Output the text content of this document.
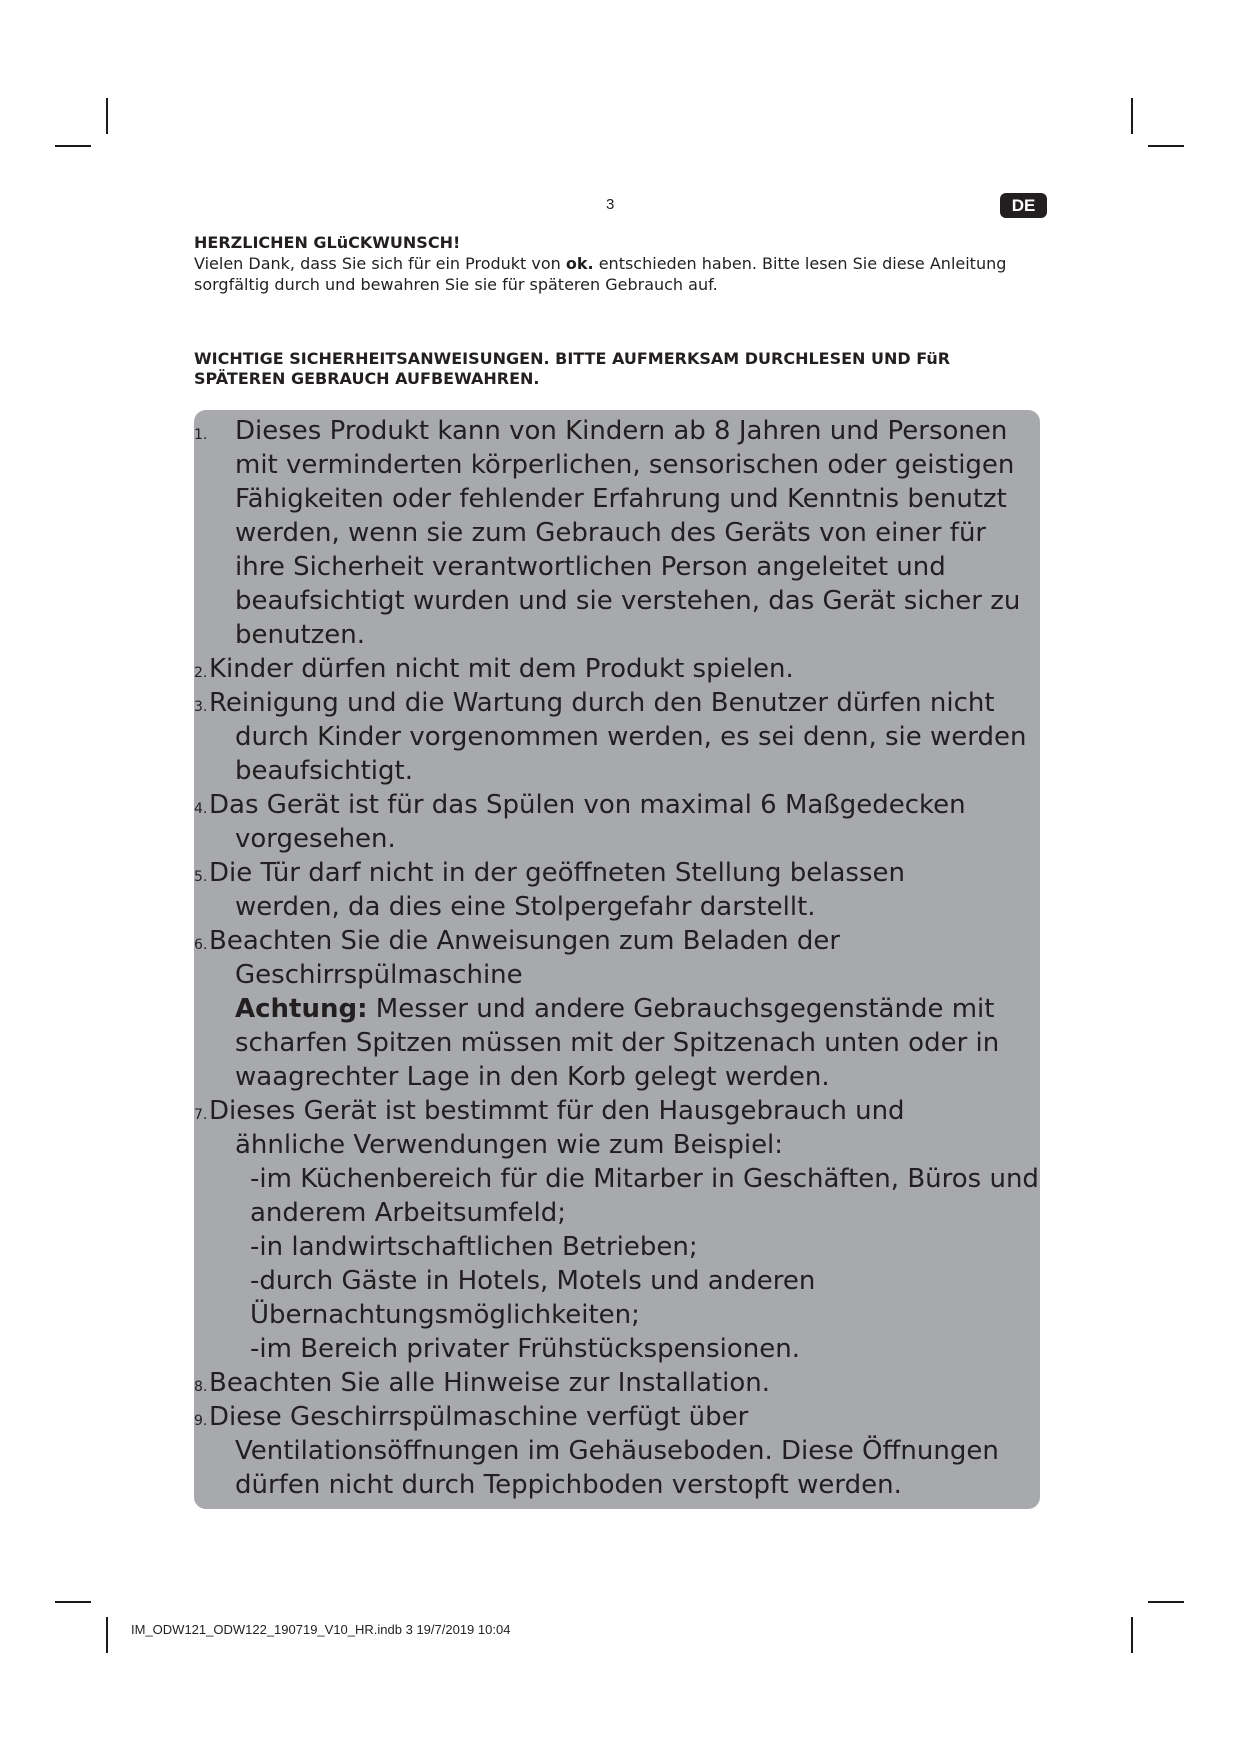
3	DE
HERZLICHEN GLüCKWUNSCH!
Vielen Dank, dass Sie sich für ein Produkt von ok. entschieden haben. Bitte lesen Sie diese Anleitung
sorgfältig durch und bewahren Sie sie für späteren Gebrauch auf.
WICHTIGE SICHERHEITSANWEISUNGEN. BITTE AUFMERKSAM DURCHLESEN UND FüR
SPÄTEREN GEBRAUCH AUFBEWAHREN.
1. Dieses Produkt kann von Kindern ab 8 Jahren und Personen
mit verminderten körperlichen, sensorischen oder geistigen
Fähigkeiten oder fehlender Erfahrung und Kenntnis benutzt
werden, wenn sie zum Gebrauch des Geräts von einer für
ihre Sicherheit verantwortlichen Person angeleitet und
beaufsichtigt wurden und sie verstehen, das Gerät sicher zu
benutzen.
2.Kinder dürfen nicht mit dem Produkt spielen.
3.Reinigung und die Wartung durch den Benutzer dürfen nicht
durch Kinder vorgenommen werden, es sei denn, sie werden
beaufsichtigt.
4.Das Gerät ist für das Spülen von maximal 6 Maßgedecken
vorgesehen.
5.Die Tür darf nicht in der geöffneten Stellung belassen
werden, da dies eine Stolpergefahr darstellt.
6.Beachten Sie die Anweisungen zum Beladen der
Geschirrspülmaschine
Achtung: Messer und andere Gebrauchsgegenstände mit
scharfen Spitzen müssen mit der Spitzenach unten oder in
waagrechter Lage in den Korb gelegt werden.
7.Dieses Gerät ist bestimmt für den Hausgebrauch und
ähnliche Verwendungen wie zum Beispiel:
-im Küchenbereich für die Mitarber in Geschäften, Büros und
anderem Arbeitsumfeld;
-in landwirtschaftlichen Betrieben;
-durch Gäste in Hotels, Motels und anderen
Übernachtungsmöglichkeiten;
-im Bereich privater Frühstückspensionen.
8.Beachten Sie alle Hinweise zur Installation.
9.Diese Geschirrspülmaschine verfügt über
Ventilationsöffnungen im Gehäuseboden. Diese Öffnungen
dürfen nicht durch Teppichboden verstopft werden.
IM_ODW121_ODW122_190719_V10_HR.indb 3 19/7/2019 10:04
